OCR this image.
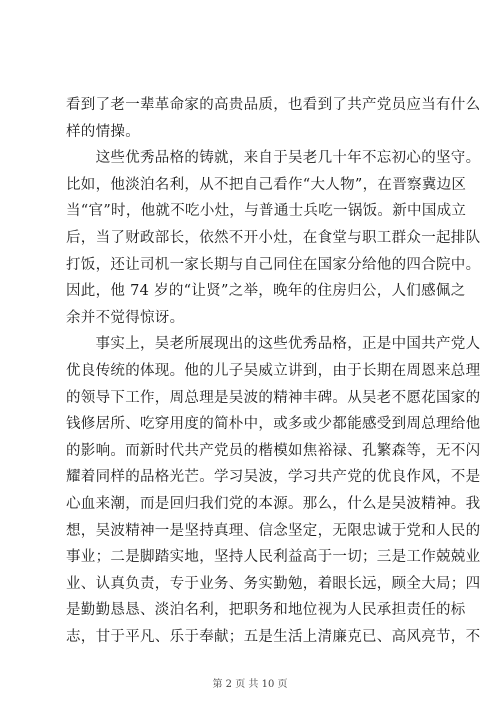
看到了老一辈革命家的高贵品质，也看到了共产党员应当有什么
样的情操。
　　这些优秀品格的铸就，来自于吴老几十年不忘初心的坚守。
比如，他淡泊名利，从不把自己看作“大人物”，在晋察冀边区
当“官”时，他就不吃小灶，与普通士兵吃一锅饭。新中国成立
后，当了财政部长，依然不开小灶，在食堂与职工群众一起排队
打饭，还让司机一家长期与自己同住在国家分给他的四合院中。
因此，他 74 岁的“让贤”之举，晚年的住房归公，人们感佩之
余并不觉得惊讶。
　　事实上，吴老所展现出的这些优秀品格，正是中国共产党人
优良传统的体现。他的儿子吴威立讲到，由于长期在周恩来总理
的领导下工作，周总理是吴波的精神丰碑。从吴老不愿花国家的
钱修居所、吃穿用度的简朴中，或多或少都能感受到周总理给他
的影响。而新时代共产党员的楷模如焦裕禄、孔繁森等，无不闪
耀着同样的品格光芒。学习吴波，学习共产党的优良作风，不是
心血来潮，而是回归我们党的本源。那么，什么是吴波精神。我
想，吴波精神一是坚持真理、信念坚定，无限忠诚于党和人民的
事业；二是脚踏实地，坚持人民利益高于一切；三是工作兢兢业
业、认真负责，专于业务、务实勤勉，着眼长远，顾全大局；四
是勤勤恳恳、淡泊名利，把职务和地位视为人民承担责任的标
志，甘于平凡、乐于奉献；五是生活上清廉克已、高风亮节，不
第 2 页 共 10 页
